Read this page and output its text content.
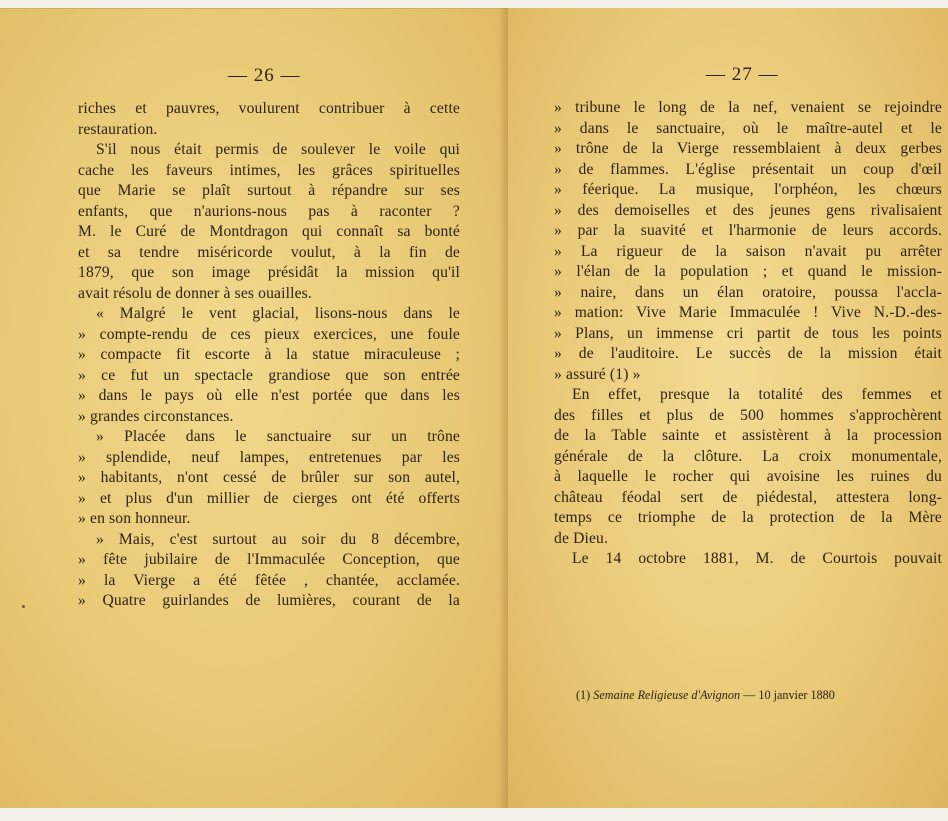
— 26 —
riches et pauvres, voulurent contribuer à cette
restauration.
S'il nous était permis de soulever le voile qui
cache les faveurs intimes, les grâces spirituelles
que Marie se plaît surtout à répandre sur ses
enfants, que n'aurions-nous pas à raconter ?
M. le Curé de Montdragon qui connaît sa bonté
et sa tendre miséricorde voulut, à la fin de
1879, que son image présidât la mission qu'il
avait résolu de donner à ses ouailles.
« Malgré le vent glacial, lisons-nous dans le
» compte-rendu de ces pieux exercices, une foule
» compacte fit escorte à la statue miraculeuse ;
» ce fut un spectacle grandiose que son entrée
» dans le pays où elle n'est portée que dans les
» grandes circonstances.
» Placée dans le sanctuaire sur un trône
» splendide, neuf lampes, entretenues par les
» habitants, n'ont cessé de brûler sur son autel,
» et plus d'un millier de cierges ont été offerts
» en son honneur.
» Mais, c'est surtout au soir du 8 décembre,
» fête jubilaire de l'Immaculée Conception, que
» la Vierge a été fêtée , chantée, acclamée.
» Quatre guirlandes de lumières, courant de la
— 27 —
» tribune le long de la nef, venaient se rejoindre
» dans le sanctuaire, où le maître-autel et le
» trône de la Vierge ressemblaient à deux gerbes
» de flammes. L'église présentait un coup d'œil
» féerique. La musique, l'orphéon, les chœurs
» des demoiselles et des jeunes gens rivalisaient
» par la suavité et l'harmonie de leurs accords.
» La rigueur de la saison n'avait pu arrêter
» l'élan de la population ; et quand le mission-
» naire, dans un élan oratoire, poussa l'accla-
» mation: Vive Marie Immaculée ! Vive N.-D.-des-
» Plans, un immense cri partit de tous les points
» de l'auditoire. Le succès de la mission était
» assuré (1) »
En effet, presque la totalité des femmes et
des filles et plus de 500 hommes s'approchèrent
de la Table sainte et assistèrent à la procession
générale de la clôture. La croix monumentale,
à laquelle le rocher qui avoisine les ruines du
château féodal sert de piédestal, attestera long-
temps ce triomphe de la protection de la Mère
de Dieu.
Le 14 octobre 1881, M. de Courtois pouvait
(1) Semaine Religieuse d'Avignon — 10 janvier 1880
